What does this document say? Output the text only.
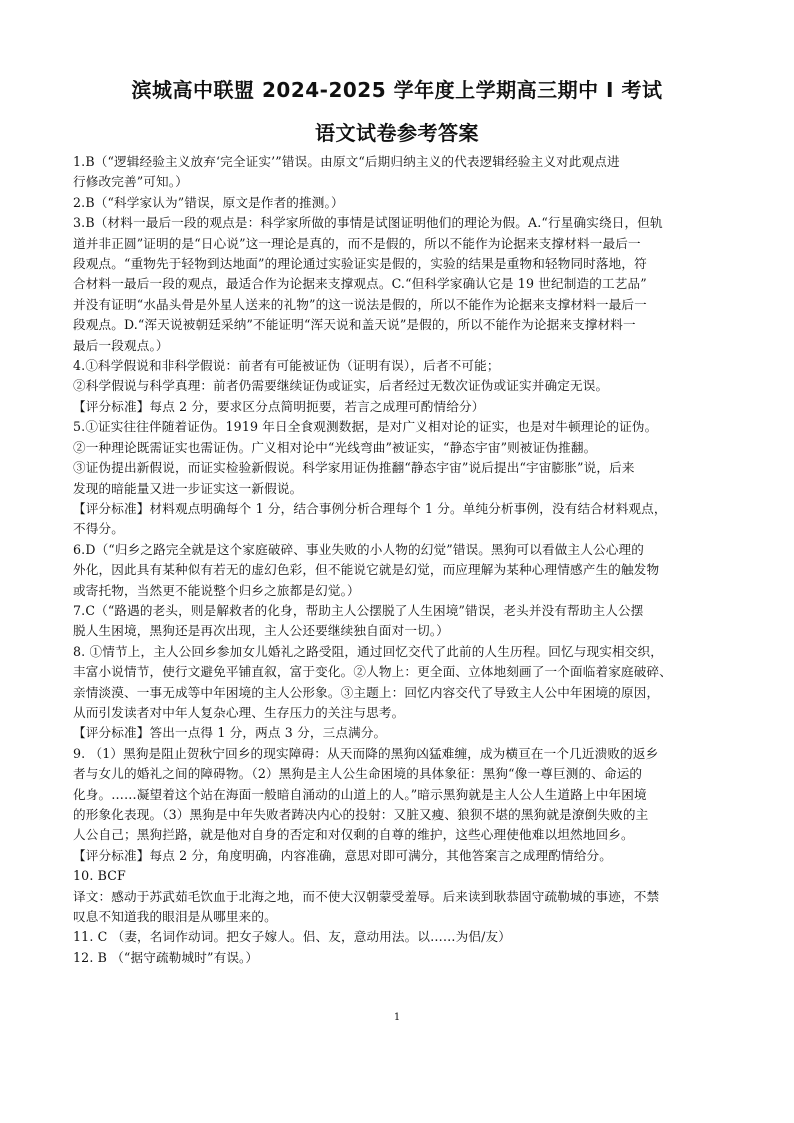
滨城高中联盟 2024-2025 学年度上学期高三期中 I 考试
语文试卷参考答案
1.B（“逻辑经验主义放弃‘完全证实’”错误。由原文“后期归纳主义的代表逻辑经验主义对此观点进
行修改完善”可知。）
2.B（“科学家认为”错误，原文是作者的推测。）
3.B（材料一最后一段的观点是：科学家所做的事情是试图证明他们的理论为假。A.“行星确实绕日，但轨
道并非正圆”证明的是“日心说”这一理论是真的，而不是假的，所以不能作为论据来支撑材料一最后一
段观点。“重物先于轻物到达地面”的理论通过实验证实是假的，实验的结果是重物和轻物同时落地，符
合材料一最后一段的观点，最适合作为论据来支撑观点。C.“但科学家确认它是 19 世纪制造的工艺品”
并没有证明“水晶头骨是外星人送来的礼物”的这一说法是假的，所以不能作为论据来支撑材料一最后一
段观点。D.“浑天说被朝廷采纳”不能证明“浑天说和盖天说”是假的，所以不能作为论据来支撑材料一
最后一段观点。）
4.①科学假说和非科学假说：前者有可能被证伪（证明有误），后者不可能；
②科学假说与科学真理：前者仍需要继续证伪或证实，后者经过无数次证伪或证实并确定无误。
【评分标准】每点 2 分，要求区分点简明扼要，若言之成理可酌情给分）
5.①证实往往伴随着证伪。1919 年日全食观测数据，是对广义相对论的证实，也是对牛顿理论的证伪。
②一种理论既需证实也需证伪。广义相对论中“光线弯曲”被证实，“静态宇宙”则被证伪推翻。
③证伪提出新假说，而证实检验新假说。科学家用证伪推翻“静态宇宙”说后提出“宇宙膨胀”说，后来
发现的暗能量又进一步证实这一新假说。
【评分标准】材料观点明确每个 1 分，结合事例分析合理每个 1 分。单纯分析事例，没有结合材料观点，
不得分。
6.D（“归乡之路完全就是这个家庭破碎、事业失败的小人物的幻觉”错误。黑狗可以看做主人公心理的
外化，因此具有某种似有若无的虚幻色彩，但不能说它就是幻觉，而应理解为某种心理情感产生的触发物
或寄托物，当然更不能说整个归乡之旅都是幻觉。）
7.C（“路遇的老头，则是解救者的化身，帮助主人公摆脱了人生困境”错误，老头并没有帮助主人公摆
脱人生困境，黑狗还是再次出现，主人公还要继续独自面对一切。）
8. ①情节上，主人公回乡参加女儿婚礼之路受阻，通过回忆交代了此前的人生历程。回忆与现实相交织，
丰富小说情节，使行文避免平铺直叙，富于变化。②人物上：更全面、立体地刻画了一个面临着家庭破碎、
亲情淡漠、一事无成等中年困境的主人公形象。③主题上：回忆内容交代了导致主人公中年困境的原因，
从而引发读者对中年人复杂心理、生存压力的关注与思考。
【评分标准】答出一点得 1 分，两点 3 分，三点满分。
9. （1）黑狗是阻止贺秋宁回乡的现实障碍：从天而降的黑狗凶猛难缠，成为横亘在一个几近溃败的返乡
者与女儿的婚礼之间的障碍物。（2）黑狗是主人公生命困境的具体象征：黑狗“像一尊巨测的、命运的
化身。……凝望着这个站在海面一般暗自涌动的山道上的人。”暗示黑狗就是主人公人生道路上中年困境
的形象化表现。（3）黑狗是中年失败者踌决内心的投射：又脏又瘦、狼狈不堪的黑狗就是潦倒失败的主
人公自己；黑狗拦路，就是他对自身的否定和对仅剩的自尊的维护，这些心理使他难以坦然地回乡。
【评分标准】每点 2 分，角度明确，内容准确，意思对即可满分，其他答案言之成理酌情给分。
10. BCF
译文：感动于苏武茹毛饮血于北海之地，而不使大汉朝蒙受羞辱。后来读到耿恭固守疏勒城的事迹，不禁
叹息不知道我的眼泪是从哪里来的。
11. C （妻，名词作动词。把女子嫁人。侣、友，意动用法。以……为侣/友）
12. B （“据守疏勒城时”有误。）
1
